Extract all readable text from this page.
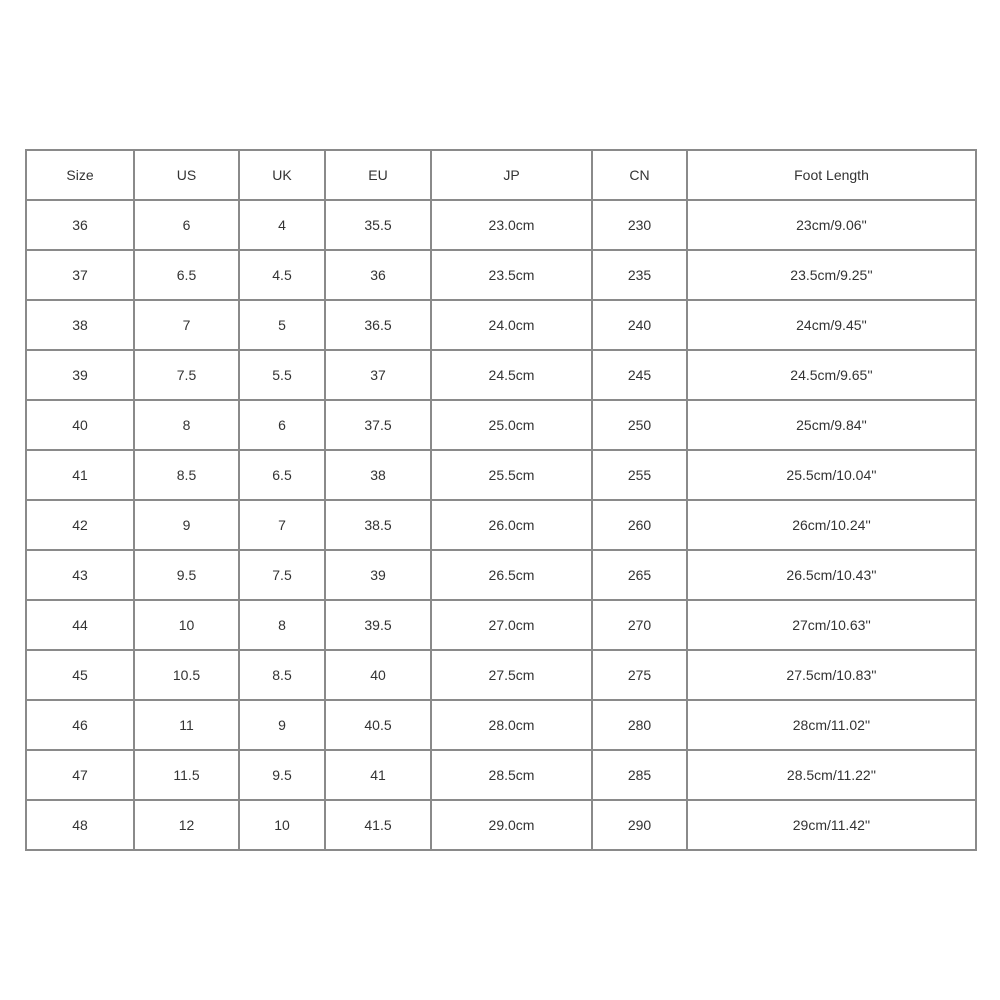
Size	US	UK	EU	JP	CN	Foot Length
36	6	4	35.5	23.0cm	230	23cm/9.06''
37	6.5	4.5	36	23.5cm	235	23.5cm/9.25''
38	7	5	36.5	24.0cm	240	24cm/9.45''
39	7.5	5.5	37	24.5cm	245	24.5cm/9.65''
40	8	6	37.5	25.0cm	250	25cm/9.84''
41	8.5	6.5	38	25.5cm	255	25.5cm/10.04''
42	9	7	38.5	26.0cm	260	26cm/10.24''
43	9.5	7.5	39	26.5cm	265	26.5cm/10.43''
44	10	8	39.5	27.0cm	270	27cm/10.63''
45	10.5	8.5	40	27.5cm	275	27.5cm/10.83''
46	11	9	40.5	28.0cm	280	28cm/11.02''
47	11.5	9.5	41	28.5cm	285	28.5cm/11.22''
48	12	10	41.5	29.0cm	290	29cm/11.42''
